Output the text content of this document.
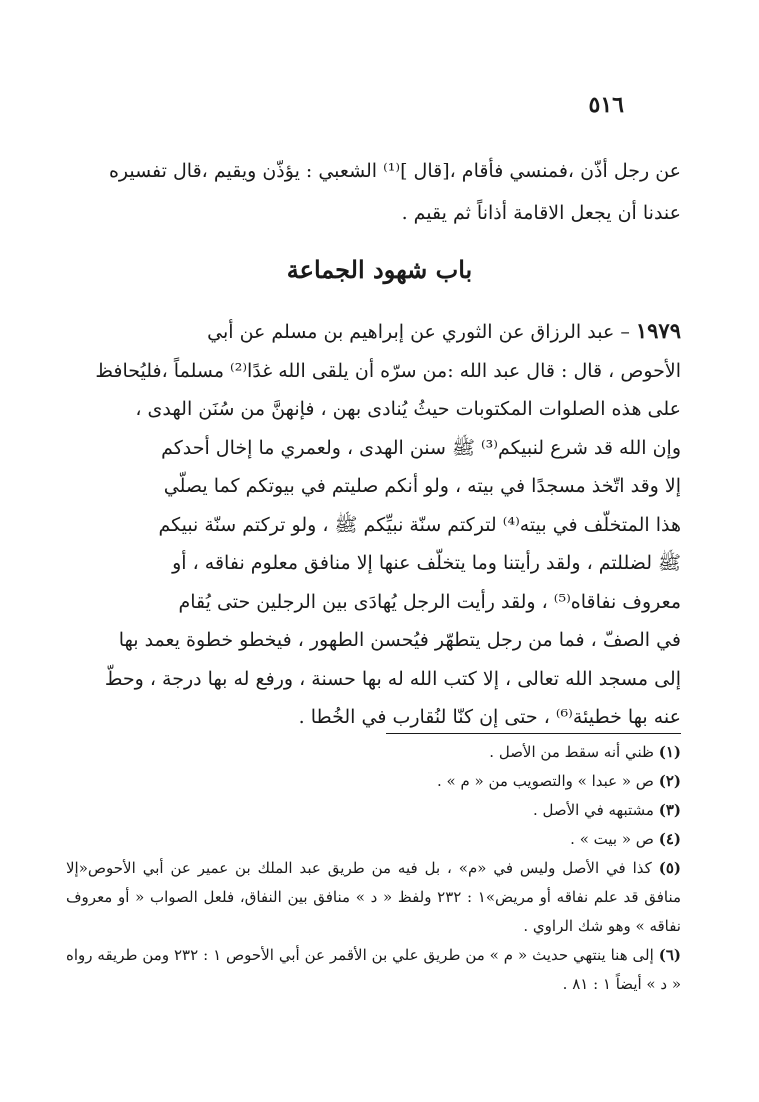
٥١٦

عن رجل أذّن ،فمنسي فأقام ،[قال ]⁽¹⁾ الشعبي : يؤذّن ويقيم ،قال تفسيره

عندنا أن يجعل الاقامة أذاناً ثم يقيم .

باب شهود الجماعة

١٩٧٩ – عبد الرزاق عن الثوري عن إبراهيم بن مسلم عن أبي

الأحوص ، قال : قال عبد الله :من سرّه أن يلقى الله غدًا⁽²⁾ مسلماً ،فليُحافظ

على هذه الصلوات المكتوبات حيثُ يُنادى بهن ، فإنهنَّ من سُنَن الهدى ،

وإن الله قد شرع لنبيكم⁽³⁾ ﷺ سنن الهدى ، ولعمري ما إخال أحدكم

إلا وقد اتّخذ مسجدًا في بيته ، ولو أنكم صليتم في بيوتكم كما يصلّي

هذا المتخلّف في بيته⁽⁴⁾ لتركتم سنّة نبيِّكم ﷺ ، ولو تركتم سنّة نبيكم

ﷺ لضللتم ، ولقد رأيتنا وما يتخلّف عنها إلا منافق معلوم نفاقه ، أو

معروف نفاقاه⁽⁵⁾ ، ولقد رأيت الرجل يُهادَى بين الرجلين حتى يُقام

في الصفّ ، فما من رجل يتطهّر فيُحسن الطهور ، فيخطو خطوة يعمد بها

إلى مسجد الله تعالى ، إلا كتب الله له بها حسنة ، ورفع له بها درجة ، وحطّ

عنه بها خطيئة⁽⁶⁾ ، حتى إن كنّا لنُقارب في الخُطا .

(١) ظني أنه سقط من الأصل .

(٢) ص « عبدا » والتصويب من « م » .

(٣) مشتبهه في الأصل .

(٤) ص « بيت » .

(٥) كذا في الأصل وليس في «م» ، بل فيه من طريق عبد الملك بن عمير عن أبي الأحوص«إلا منافق قد علم نفاقه أو مريض»١ : ٢٣٢ ولفظ « د » منافق بين النفاق، فلعل الصواب « أو معروف نفاقه » وهو شك الراوي .

(٦) إلى هنا ينتهي حديث « م » من طريق علي بن الأقمر عن أبي الأحوص ١ : ٢٣٢ ومن طريقه رواه « د » أيضاً ١ : ٨١ .
